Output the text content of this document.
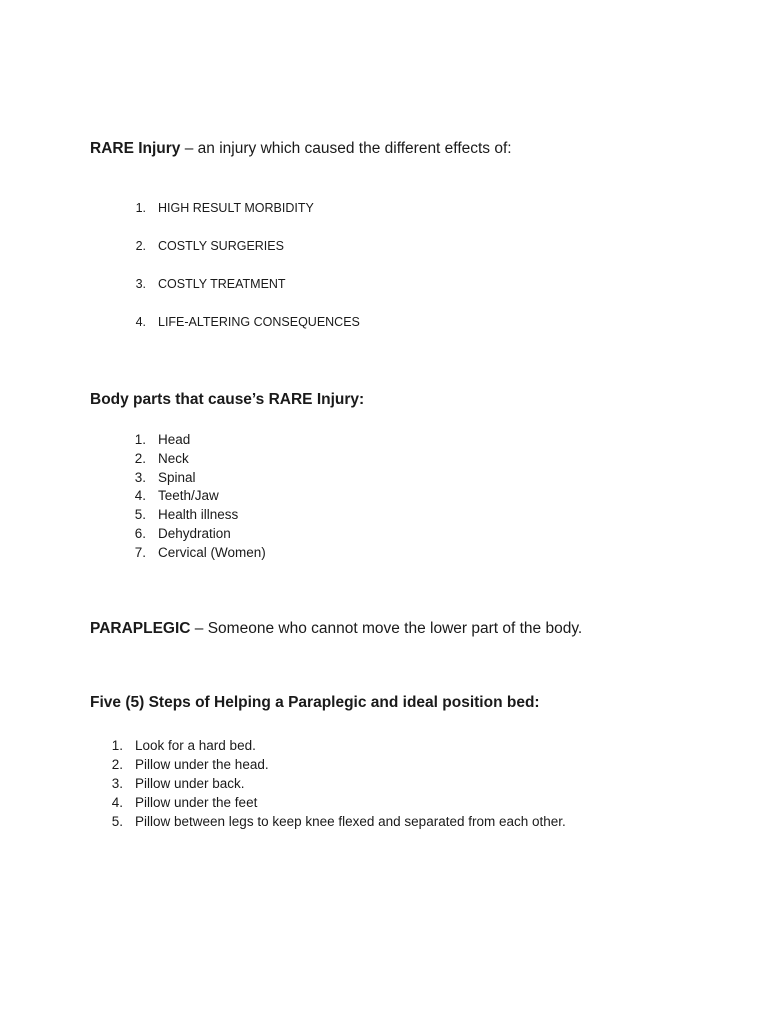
RARE Injury – an injury which caused the different effects of:
1. HIGH RESULT MORBIDITY
2. COSTLY SURGERIES
3. COSTLY TREATMENT
4. LIFE-ALTERING CONSEQUENCES
Body parts that cause’s RARE Injury:
1. Head
2. Neck
3. Spinal
4. Teeth/Jaw
5. Health illness
6. Dehydration
7. Cervical (Women)
PARAPLEGIC – Someone who cannot move the lower part of the body.
Five (5) Steps of Helping a Paraplegic and ideal position bed:
1. Look for a hard bed.
2. Pillow under the head.
3. Pillow under back.
4. Pillow under the feet
5. Pillow between legs to keep knee flexed and separated from each other.
